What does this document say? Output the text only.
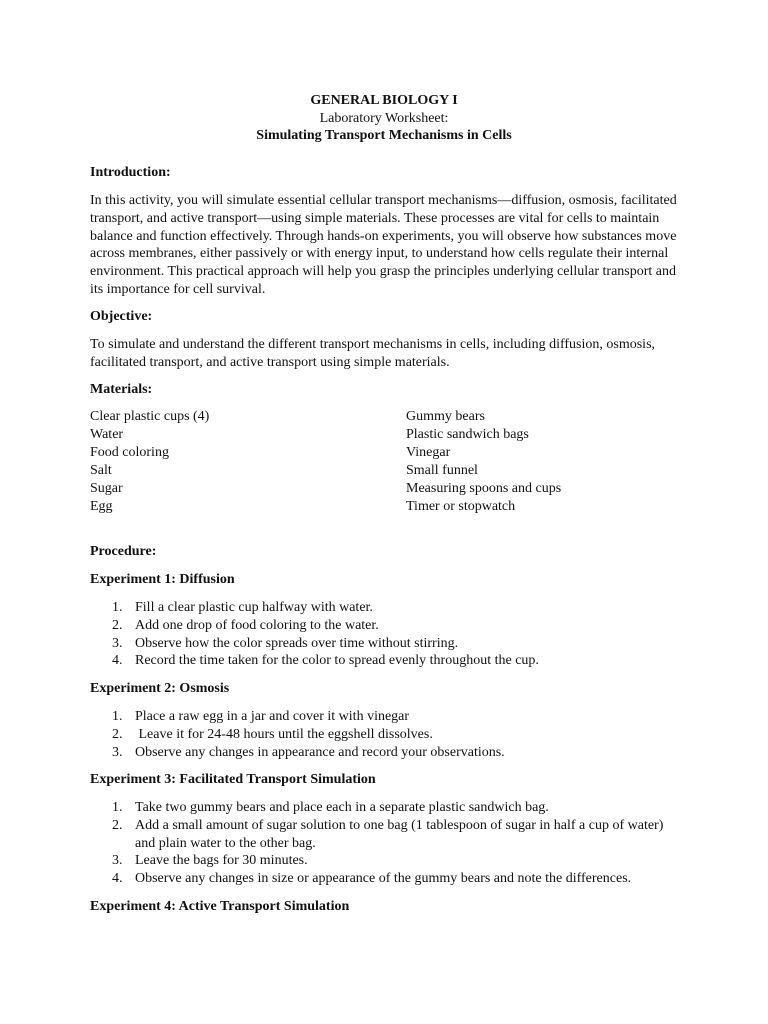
GENERAL BIOLOGY I
Laboratory Worksheet:
Simulating Transport Mechanisms in Cells
Introduction:
In this activity, you will simulate essential cellular transport mechanisms—diffusion, osmosis, facilitated
transport, and active transport—using simple materials. These processes are vital for cells to maintain
balance and function effectively. Through hands-on experiments, you will observe how substances move
across membranes, either passively or with energy input, to understand how cells regulate their internal
environment. This practical approach will help you grasp the principles underlying cellular transport and
its importance for cell survival.
Objective:
To simulate and understand the different transport mechanisms in cells, including diffusion, osmosis,
facilitated transport, and active transport using simple materials.
Materials:
Clear plastic cups (4)
Water
Food coloring
Salt
Sugar
Egg
Gummy bears
Plastic sandwich bags
Vinegar
Small funnel
Measuring spoons and cups
Timer or stopwatch
Procedure:
Experiment 1: Diffusion
1. Fill a clear plastic cup halfway with water.
2. Add one drop of food coloring to the water.
3. Observe how the color spreads over time without stirring.
4. Record the time taken for the color to spread evenly throughout the cup.
Experiment 2: Osmosis
1. Place a raw egg in a jar and cover it with vinegar
2. Leave it for 24-48 hours until the eggshell dissolves.
3. Observe any changes in appearance and record your observations.
Experiment 3: Facilitated Transport Simulation
1. Take two gummy bears and place each in a separate plastic sandwich bag.
2. Add a small amount of sugar solution to one bag (1 tablespoon of sugar in half a cup of water)
and plain water to the other bag.
3. Leave the bags for 30 minutes.
4. Observe any changes in size or appearance of the gummy bears and note the differences.
Experiment 4: Active Transport Simulation
